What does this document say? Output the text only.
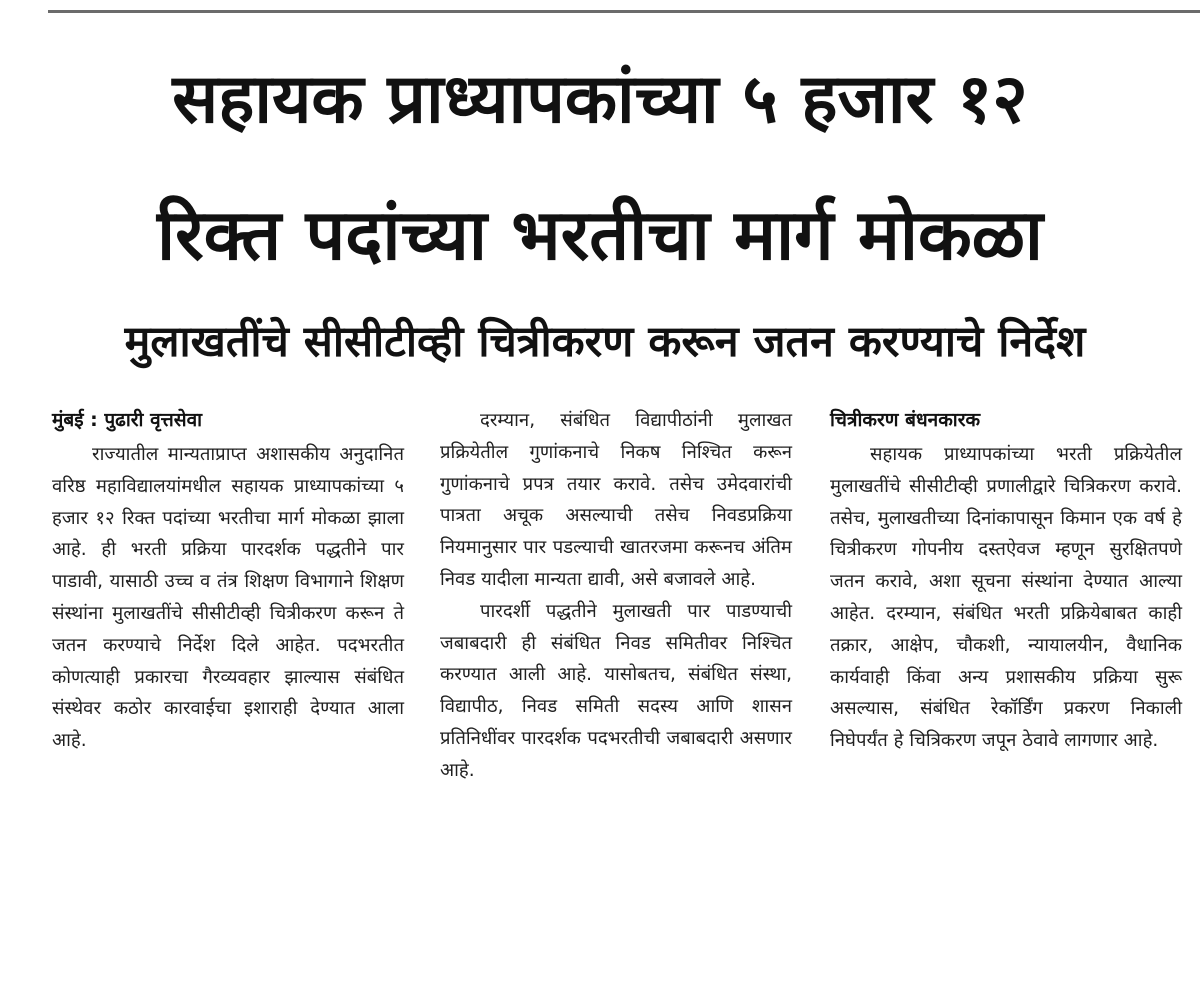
सहायक प्राध्यापकांच्या ५ हजार १२
रिक्त पदांच्या भरतीचा मार्ग मोकळा
मुलाखतींचे सीसीटीव्ही चित्रीकरण करून जतन करण्याचे निर्देश
मुंबई : पुढारी वृत्तसेवा

राज्यातील मान्यताप्राप्त अशासकीय अनुदानित वरिष्ठ महाविद्यालयांमधील सहायक प्राध्यापकांच्या ५ हजार १२ रिक्त पदांच्या भरतीचा मार्ग मोकळा झाला आहे. ही भरती प्रक्रिया पारदर्शक पद्धतीने पार पाडावी, यासाठी उच्च व तंत्र शिक्षण विभागाने शिक्षण संस्थांना मुलाखतींचे सीसीटीव्ही चित्रीकरण करून ते जतन करण्याचे निर्देश दिले आहेत. पदभरतीत कोणत्याही प्रकारचा गैरव्यवहार झाल्यास संबंधित संस्थेवर कठोर कारवाईचा इशाराही देण्यात आला आहे.

दरम्यान, संबंधित विद्यापीठांनी मुलाखत प्रक्रियेतील गुणांकनाचे निकष निश्चित करून गुणांकनाचे प्रपत्र तयार करावे. तसेच उमेदवारांची पात्रता अचूक असल्याची तसेच निवडप्रक्रिया नियमानुसार पार पडल्याची खातरजमा करूनच अंतिम निवड यादीला मान्यता द्यावी, असे बजावले आहे.

पारदर्शी पद्धतीने मुलाखती पार पाडण्याची जबाबदारी ही संबंधित निवड समितीवर निश्चित करण्यात आली आहे. यासोबतच, संबंधित संस्था, विद्यापीठ, निवड समिती सदस्य आणि शासन प्रतिनिधींवर पारदर्शक पदभरतीची जबाबदारी असणार आहे.

चित्रीकरण बंधनकारक

सहायक प्राध्यापकांच्या भरती प्रक्रियेतील मुलाखतींचे सीसीटीव्ही प्रणालीद्वारे चित्रिकरण करावे. तसेच, मुलाखतीच्या दिनांकापासून किमान एक वर्ष हे चित्रीकरण गोपनीय दस्तऐवज म्हणून सुरक्षितपणे जतन करावे, अशा सूचना संस्थांना देण्यात आल्या आहेत. दरम्यान, संबंधित भरती प्रक्रियेबाबत काही तक्रार, आक्षेप, चौकशी, न्यायालयीन, वैधानिक कार्यवाही किंवा अन्य प्रशासकीय प्रक्रिया सुरू असल्यास, संबंधित रेकॉर्डिंग प्रकरण निकाली निघेपर्यंत हे चित्रिकरण जपून ठेवावे लागणार आहे.
